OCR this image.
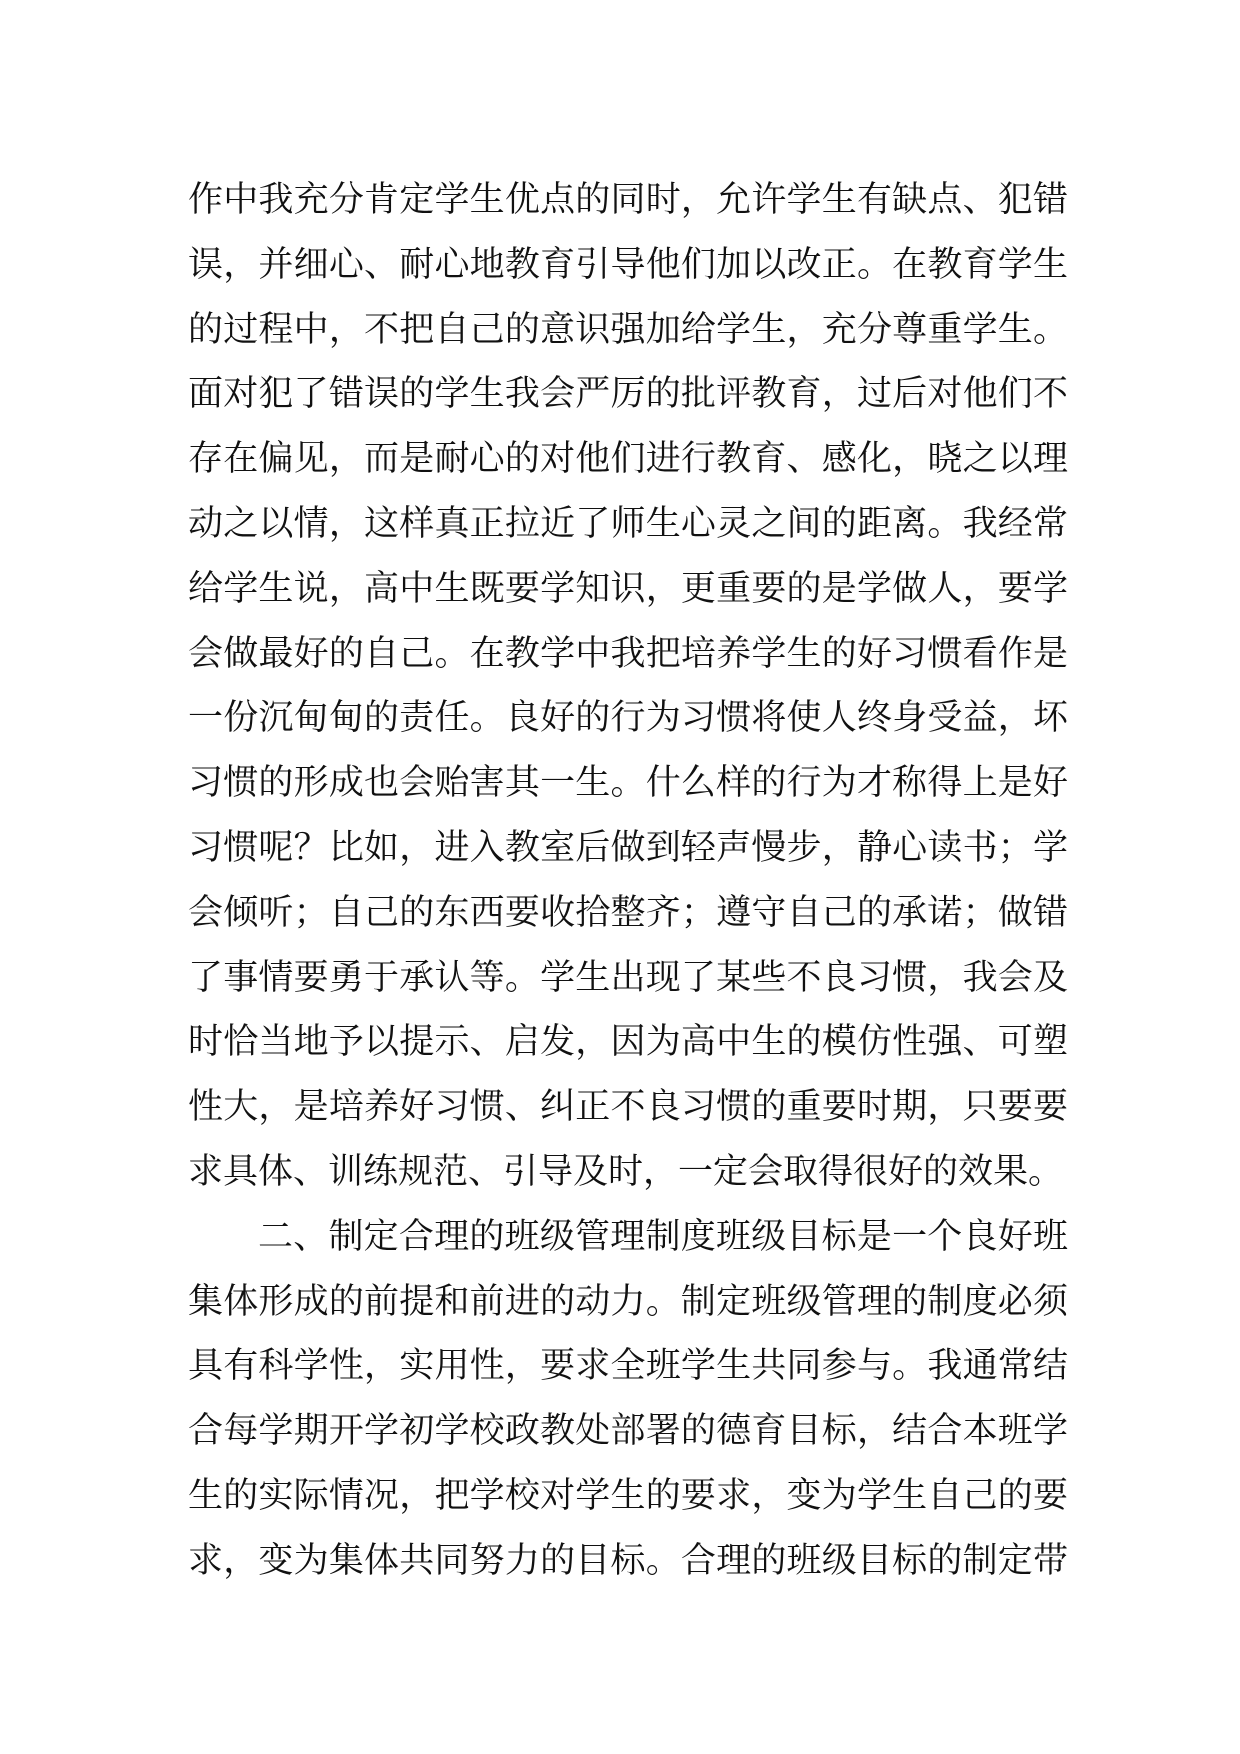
作中我充分肯定学生优点的同时，允许学生有缺点、犯错
误，并细心、耐心地教育引导他们加以改正。在教育学生
的过程中，不把自己的意识强加给学生，充分尊重学生。
面对犯了错误的学生我会严厉的批评教育，过后对他们不
存在偏见，而是耐心的对他们进行教育、感化，晓之以理
动之以情，这样真正拉近了师生心灵之间的距离。我经常
给学生说，高中生既要学知识，更重要的是学做人，要学
会做最好的自己。在教学中我把培养学生的好习惯看作是
一份沉甸甸的责任。良好的行为习惯将使人终身受益，坏
习惯的形成也会贻害其一生。什么样的行为才称得上是好
习惯呢？比如，进入教室后做到轻声慢步，静心读书；学
会倾听；自己的东西要收拾整齐；遵守自己的承诺；做错
了事情要勇于承认等。学生出现了某些不良习惯，我会及
时恰当地予以提示、启发，因为高中生的模仿性强、可塑
性大，是培养好习惯、纠正不良习惯的重要时期，只要要
求具体、训练规范、引导及时，一定会取得很好的效果。
二、制定合理的班级管理制度班级目标是一个良好班
集体形成的前提和前进的动力。制定班级管理的制度必须
具有科学性，实用性，要求全班学生共同参与。我通常结
合每学期开学初学校政教处部署的德育目标，结合本班学
生的实际情况，把学校对学生的要求，变为学生自己的要
求，变为集体共同努力的目标。合理的班级目标的制定带
